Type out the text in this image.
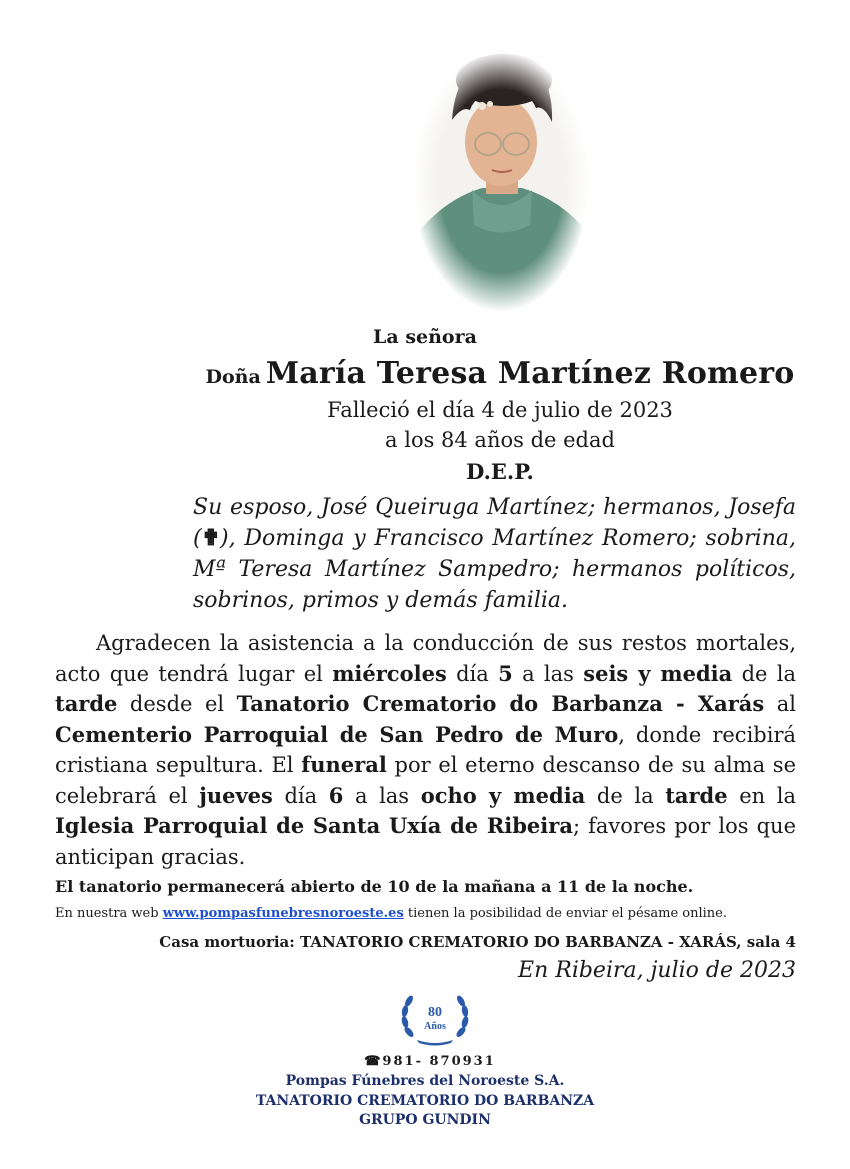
La señora
Doña María Teresa Martínez Romero
Falleció el día 4 de julio de 2023
a los 84 años de edad
D.E.P.
Su esposo, José Queiruga Martínez; hermanos, Josefa (✟), Dominga y Francisco Martínez Romero; sobrina, Mª Teresa Martínez Sampedro; hermanos políticos, sobrinos, primos y demás familia.
Agradecen la asistencia a la conducción de sus restos mortales, acto que tendrá lugar el miércoles día 5 a las seis y media de la tarde desde el Tanatorio Crematorio do Barbanza - Xarás al Cementerio Parroquial de San Pedro de Muro, donde recibirá cristiana sepultura. El funeral por el eterno descanso de su alma se celebrará el jueves día 6 a las ocho y media de la tarde en la Iglesia Parroquial de Santa Uxía de Ribeira; favores por los que anticipan gracias.
El tanatorio permanecerá abierto de 10 de la mañana a 11 de la noche.
En nuestra web www.pompasfunebresnoroeste.es tienen la posibilidad de enviar el pésame online.
Casa mortuoria: TANATORIO CREMATORIO DO BARBANZA - XARÁS, sala 4
En Ribeira, julio de 2023
80
Años
☎981- 870931
Pompas Fúnebres del Noroeste S.A.
TANATORIO CREMATORIO DO BARBANZA
GRUPO GUNDIN
